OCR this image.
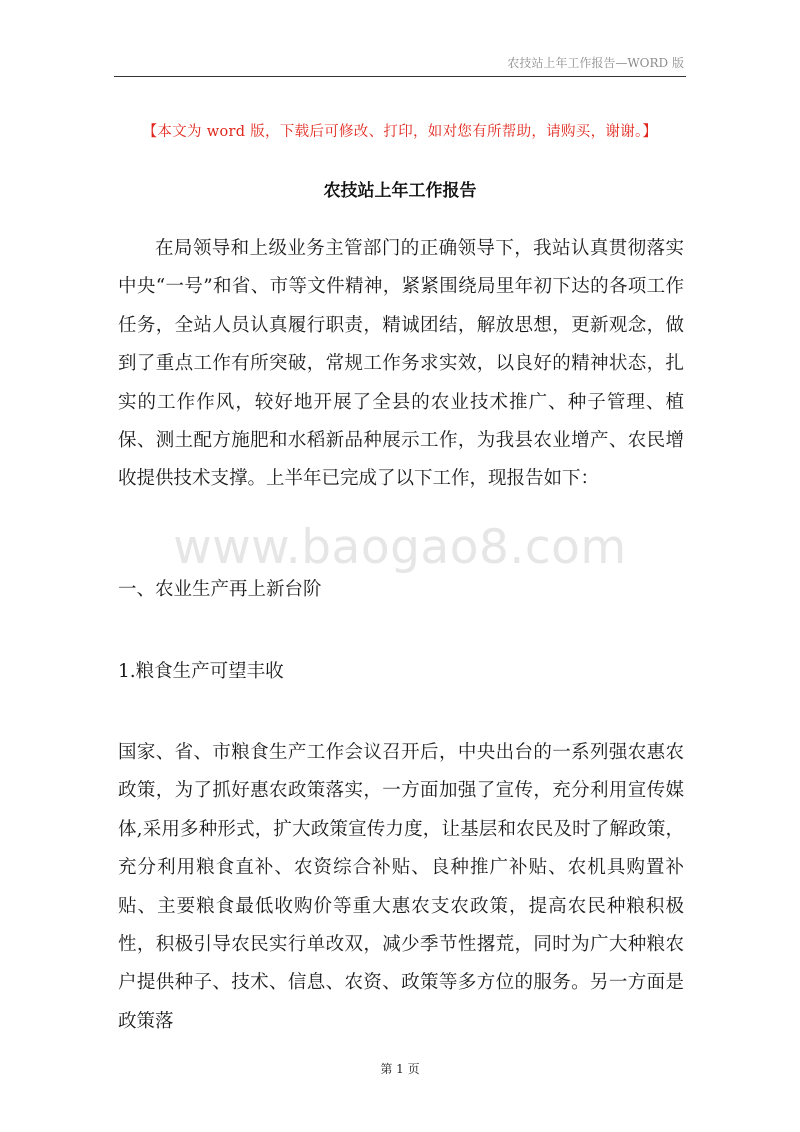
农技站上年工作报告—WORD 版
【本文为 word 版，下载后可修改、打印，如对您有所帮助，请购买，谢谢。】
农技站上年工作报告

在局领导和上级业务主管部门的正确领导下，我站认真贯彻落实中央“一号”和省、市等文件精神，紧紧围绕局里年初下达的各项工作任务，全站人员认真履行职责，精诚团结，解放思想，更新观念，做到了重点工作有所突破，常规工作务求实效，以良好的精神状态，扎实的工作作风，较好地开展了全县的农业技术推广、种子管理、植保、测土配方施肥和水稻新品种展示工作，为我县农业增产、农民增收提供技术支撑。上半年已完成了以下工作，现报告如下：

www.baogao8.com
一、农业生产再上新台阶
1.粮食生产可望丰收

国家、省、市粮食生产工作会议召开后，中央出台的一系列强农惠农政策，为了抓好惠农政策落实，一方面加强了宣传，充分利用宣传媒体,采用多种形式，扩大政策宣传力度，让基层和农民及时了解政策，充分利用粮食直补、农资综合补贴、良种推广补贴、农机具购置补贴、主要粮食最低收购价等重大惠农支农政策，提高农民种粮积极性，积极引导农民实行单改双，减少季节性撂荒，同时为广大种粮农户提供种子、技术、信息、农资、政策等多方位的服务。另一方面是政策落

第 1 页
